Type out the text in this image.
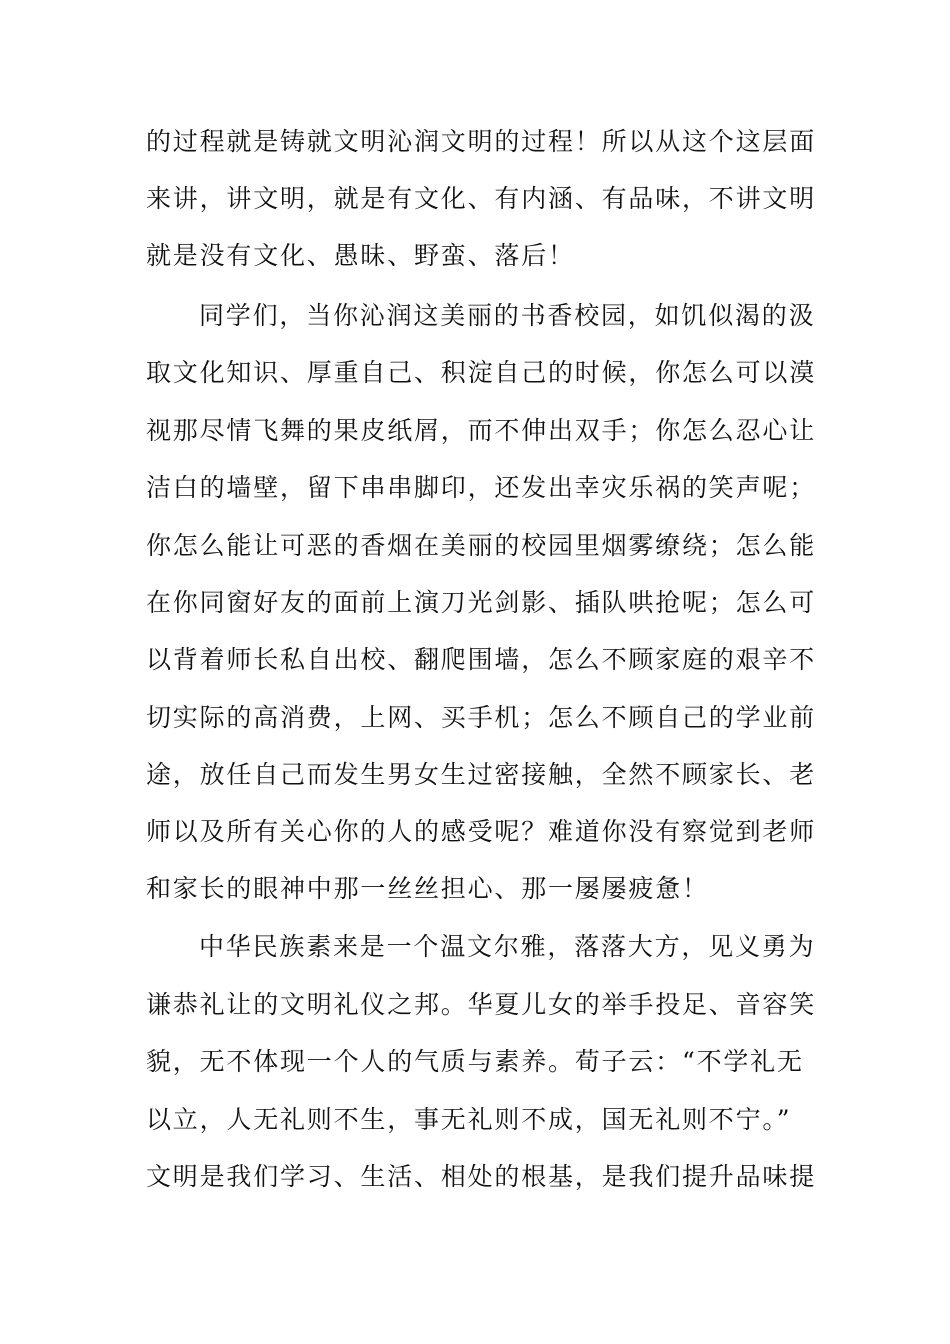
的过程就是铸就文明沁润文明的过程！所以从这个这层面
来讲，讲文明，就是有文化、有内涵、有品味，不讲文明
就是没有文化、愚昧、野蛮、落后！
同学们，当你沁润这美丽的书香校园，如饥似渴的汲
取文化知识、厚重自己、积淀自己的时候，你怎么可以漠
视那尽情飞舞的果皮纸屑，而不伸出双手；你怎么忍心让
洁白的墙壁，留下串串脚印，还发出幸灾乐祸的笑声呢；
你怎么能让可恶的香烟在美丽的校园里烟雾缭绕；怎么能
在你同窗好友的面前上演刀光剑影、插队哄抢呢；怎么可
以背着师长私自出校、翻爬围墙，怎么不顾家庭的艰辛不
切实际的高消费，上网、买手机；怎么不顾自己的学业前
途，放任自己而发生男女生过密接触，全然不顾家长、老
师以及所有关心你的人的感受呢？难道你没有察觉到老师
和家长的眼神中那一丝丝担心、那一屡屡疲惫！
中华民族素来是一个温文尔雅，落落大方，见义勇为
谦恭礼让的文明礼仪之邦。华夏儿女的举手投足、音容笑
貌，无不体现一个人的气质与素养。荀子云：“不学礼无
以立，人无礼则不生，事无礼则不成，国无礼则不宁。”
文明是我们学习、生活、相处的根基，是我们提升品味提
